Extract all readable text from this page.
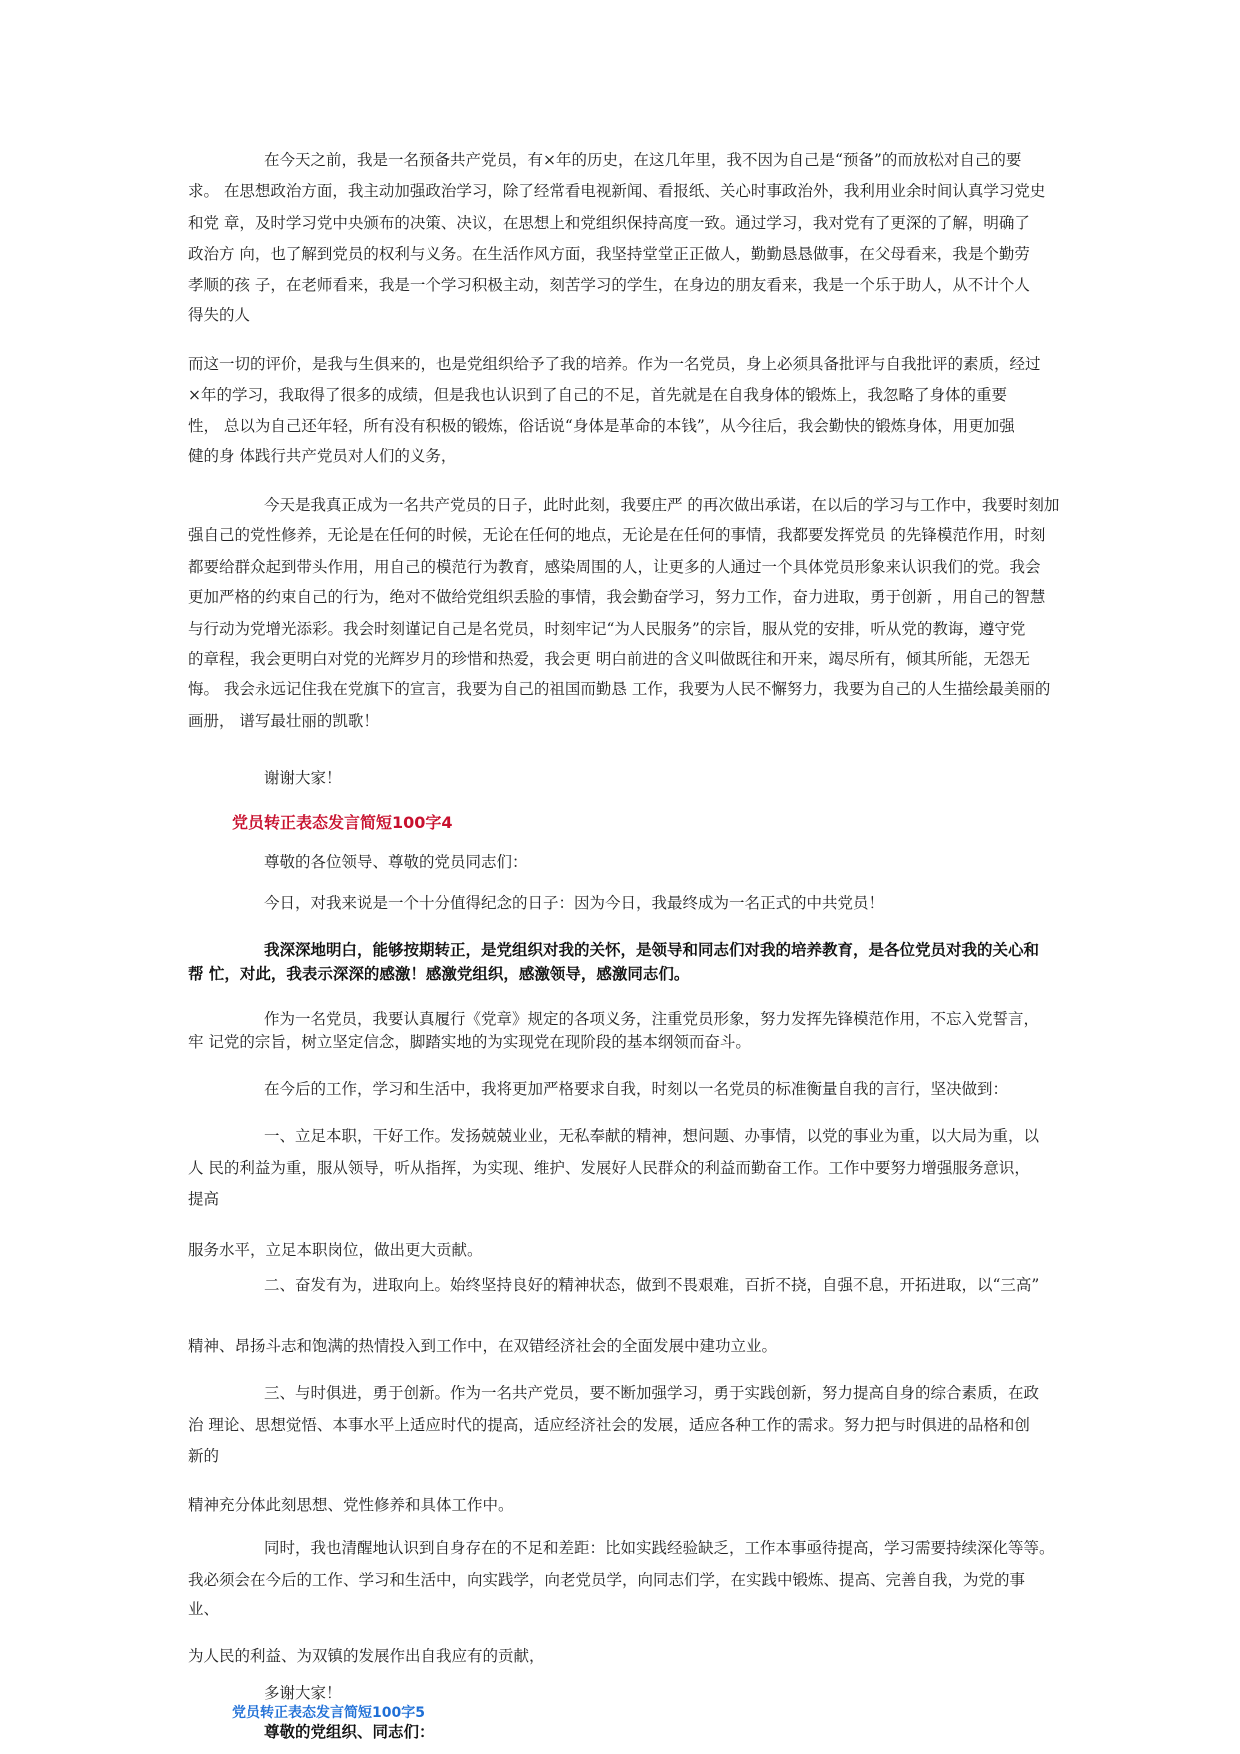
在今天之前，我是一名预备共产党员，有×年的历史，在这几年里，我不因为自己是“预备”的而放松对自己的要

求。 在思想政治方面，我主动加强政治学习，除了经常看电视新闻、看报纸、关心时事政治外，我利用业余时间认真学习党史

和党 章，及时学习党中央颁布的决策、决议，在思想上和党组织保持高度一致。通过学习，我对党有了更深的了解，明确了

政治方 向，也了解到党员的权利与义务。在生活作风方面，我坚持堂堂正正做人，勤勤恳恳做事，在父母看来，我是个勤劳

孝顺的孩 子，在老师看来，我是一个学习积极主动，刻苦学习的学生，在身边的朋友看来，我是一个乐于助人，从不计个人

得失的人

而这一切的评价，是我与生俱来的，也是党组织给予了我的培养。作为一名党员，身上必须具备批评与自我批评的素质，经过

×年的学习，我取得了很多的成绩，但是我也认识到了自己的不足，首先就是在自我身体的锻炼上，我忽略了身体的重要

性， 总以为自己还年轻，所有没有积极的锻炼，俗话说“身体是革命的本钱”，从今往后，我会勤快的锻炼身体，用更加强

健的身 体践行共产党员对人们的义务，

今天是我真正成为一名共产党员的日子，此时此刻，我要庄严 的再次做出承诺，在以后的学习与工作中，我要时刻加

强自己的党性修养，无论是在任何的时候，无论在任何的地点，无论是在任何的事情，我都要发挥党员 的先锋模范作用，时刻

都要给群众起到带头作用，用自己的模范行为教育，感染周围的人，让更多的人通过一个具体党员形象来认识我们的党。我会

更加严格的约束自己的行为，绝对不做给党组织丢脸的事情，我会勤奋学习，努力工作，奋力进取，勇于创新 ，用自己的智慧

与行动为党增光添彩。我会时刻谨记自己是名党员，时刻牢记“为人民服务”的宗旨，服从党的安排，听从党的教诲，遵守党

的章程，我会更明白对党的光辉岁月的珍惜和热爱，我会更 明白前进的含义叫做既往和开来，竭尽所有，倾其所能，无怨无

悔。 我会永远记住我在党旗下的宣言，我要为自己的祖国而勤恳 工作，我要为人民不懈努力，我要为自己的人生描绘最美丽的

画册， 谱写最壮丽的凯歌！

谢谢大家！

党员转正表态发言简短100字4

尊敬的各位领导、尊敬的党员同志们：

今日，对我来说是一个十分值得纪念的日子：因为今日，我最终成为一名正式的中共党员！

我深深地明白，能够按期转正，是党组织对我的关怀，是领导和同志们对我的培养教育，是各位党员对我的关心和

帮 忙，对此，我表示深深的感激！感激党组织，感激领导，感激同志们。

作为一名党员，我要认真履行《党章》规定的各项义务，注重党员形象，努力发挥先锋模范作用，不忘入党誓言，

牢 记党的宗旨，树立坚定信念，脚踏实地的为实现党在现阶段的基本纲领而奋斗。

在今后的工作，学习和生活中，我将更加严格要求自我，时刻以一名党员的标准衡量自我的言行，坚决做到：

一、立足本职，干好工作。发扬兢兢业业，无私奉献的精神，想问题、办事情，以党的事业为重，以大局为重，以

人 民的利益为重，服从领导，听从指挥，为实现、维护、发展好人民群众的利益而勤奋工作。工作中要努力增强服务意识，

提高

服务水平，立足本职岗位，做出更大贡献。

二、奋发有为，进取向上。始终坚持良好的精神状态，做到不畏艰难，百折不挠，自强不息，开拓进取，以“三高”

精神、昂扬斗志和饱满的热情投入到工作中，在双错经济社会的全面发展中建功立业。

三、与时俱进，勇于创新。作为一名共产党员，要不断加强学习，勇于实践创新，努力提高自身的综合素质，在政

治 理论、思想觉悟、本事水平上适应时代的提高，适应经济社会的发展，适应各种工作的需求。努力把与时俱进的品格和创

新的

精神充分体此刻思想、党性修养和具体工作中。

同时，我也清醒地认识到自身存在的不足和差距：比如实践经验缺乏，工作本事亟待提高，学习需要持续深化等等。

我必须会在今后的工作、学习和生活中，向实践学，向老党员学，向同志们学，在实践中锻炼、提高、完善自我，为党的事

业、

为人民的利益、为双镇的发展作出自我应有的贡献，

多谢大家！

党员转正表态发言简短100字5

尊敬的党组织、同志们：
